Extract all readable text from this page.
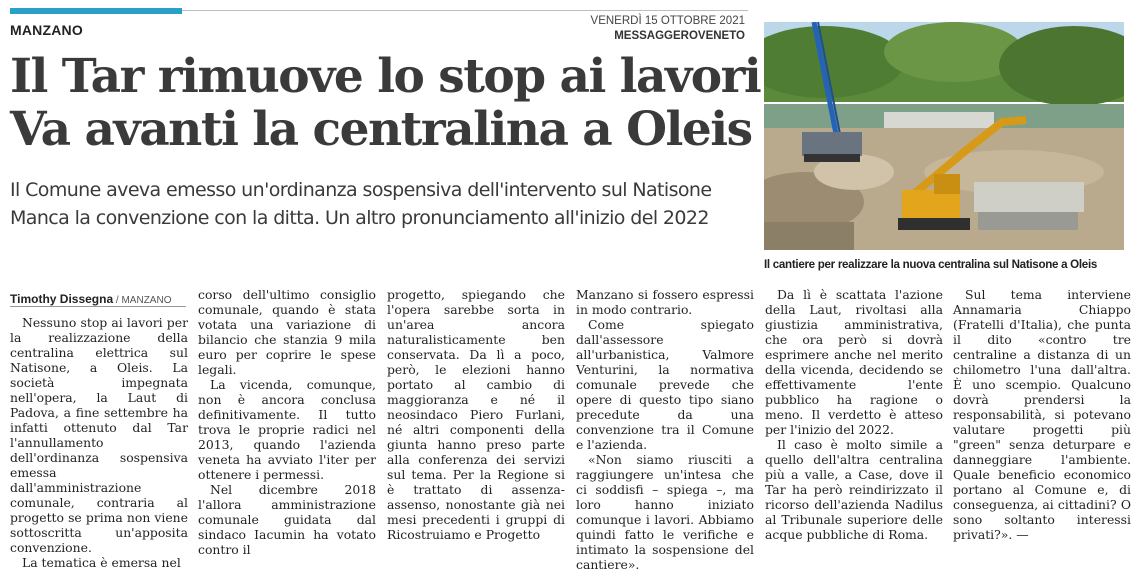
MANZANO
VENERDÌ 15 OTTOBRE 2021
MESSAGGEROVENETO
Il Tar rimuove lo stop ai lavori
Va avanti la centralina a Oleis
Il Comune aveva emesso un'ordinanza sospensiva dell'intervento sul Natisone
Manca la convenzione con la ditta. Un altro pronunciamento all'inizio del 2022
Il cantiere per realizzare la nuova centralina sul Natisone a Oleis
Timothy Dissegna / MANZANO

Nessuno stop ai lavori per la realizzazione della centralina elettrica sul Natisone, a Oleis. La società impegnata nell'opera, la Laut di Padova, a fine settembre ha infatti ottenuto dal Tar l'annullamento dell'ordinanza sospensiva emessa dall'amministrazione comunale, contraria al progetto se prima non viene sottoscritta un'apposita convenzione.

La tematica è emersa nel

corso dell'ultimo consiglio comunale, quando è stata votata una variazione di bilancio che stanzia 9 mila euro per coprire le spese legali.

La vicenda, comunque, non è ancora conclusa definitivamente. Il tutto trova le proprie radici nel 2013, quando l'azienda veneta ha avviato l'iter per ottenere i permessi.

Nel dicembre 2018 l'allora amministrazione comunale guidata dal sindaco Iacumin ha votato contro il

progetto, spiegando che l'opera sarebbe sorta in un'area ancora naturalisticamente ben conservata. Da lì a poco, però, le elezioni hanno portato al cambio di maggioranza e né il neosindaco Piero Furlani, né altri componenti della giunta hanno preso parte alla conferenza dei servizi sul tema. Per la Regione si è trattato di assenza-assenso, nonostante già nei mesi precedenti i gruppi di Ricostruiamo e Progetto

Manzano si fossero espressi in modo contrario.

Come spiegato dall'assessore all'urbanistica, Valmore Venturini, la normativa comunale prevede che opere di questo tipo siano precedute da una convenzione tra il Comune e l'azienda.

«Non siamo riusciti a raggiungere un'intesa che ci soddisfi – spiega –, ma loro hanno iniziato comunque i lavori. Abbiamo quindi fatto le verifiche e intimato la sospensione del cantiere».

Da lì è scattata l'azione della Laut, rivoltasi alla giustizia amministrativa, che ora però si dovrà esprimere anche nel merito della vicenda, decidendo se effettivamente l'ente pubblico ha ragione o meno. Il verdetto è atteso per l'inizio del 2022.

Il caso è molto simile a quello dell'altra centralina più a valle, a Case, dove il Tar ha però reindirizzato il ricorso dell'azienda Nadilus al Tribunale superiore delle acque pubbliche di Roma.

Sul tema interviene Annamaria Chiappo (Fratelli d'Italia), che punta il dito «contro tre centraline a distanza di un chilometro l'una dall'altra. È uno scempio. Qualcuno dovrà prendersi la responsabilità, si potevano valutare progetti più "green" senza deturpare e danneggiare l'ambiente. Quale beneficio economico portano al Comune e, di conseguenza, ai cittadini? O sono soltanto interessi privati?». —
